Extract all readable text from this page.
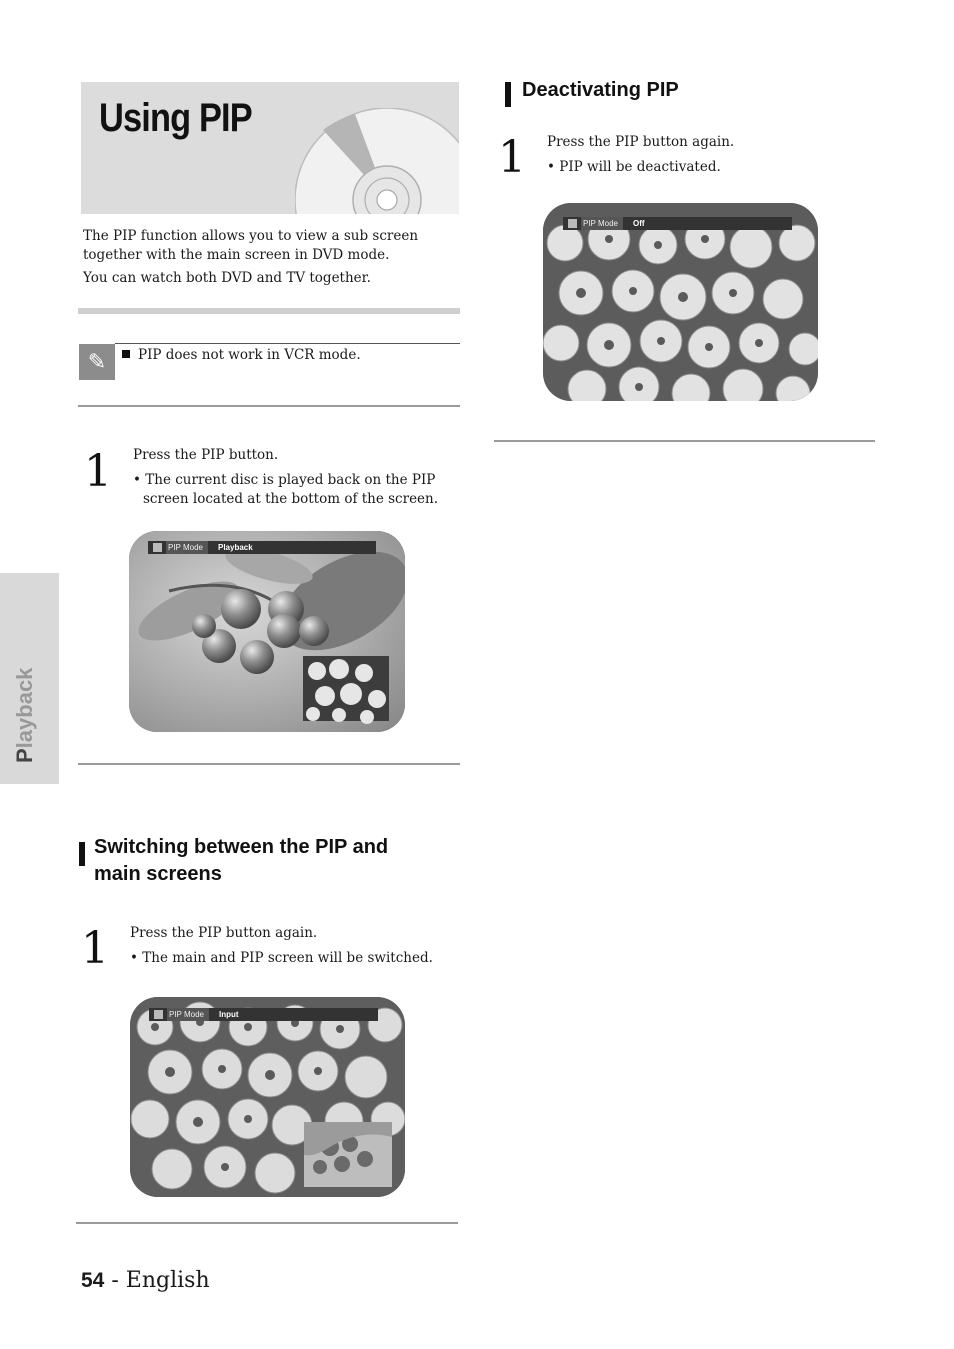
Using PIP

The PIP function allows you to view a sub screen together with the main screen in DVD mode.

You can watch both DVD and TV together.

✎	PIP does not work in VCR mode.
1 Press the PIP button.

• The current disc is played back on the PIP screen located at the bottom of the screen.

PIP Mode	Playback
Switching between the PIP and main screens
1 Press the PIP button again.

• The main and PIP screen will be switched.

PIP Mode	Input
Deactivating PIP
1 Press the PIP button again.

• PIP will be deactivated.

PIP Mode	Off
Playback
54 - English
